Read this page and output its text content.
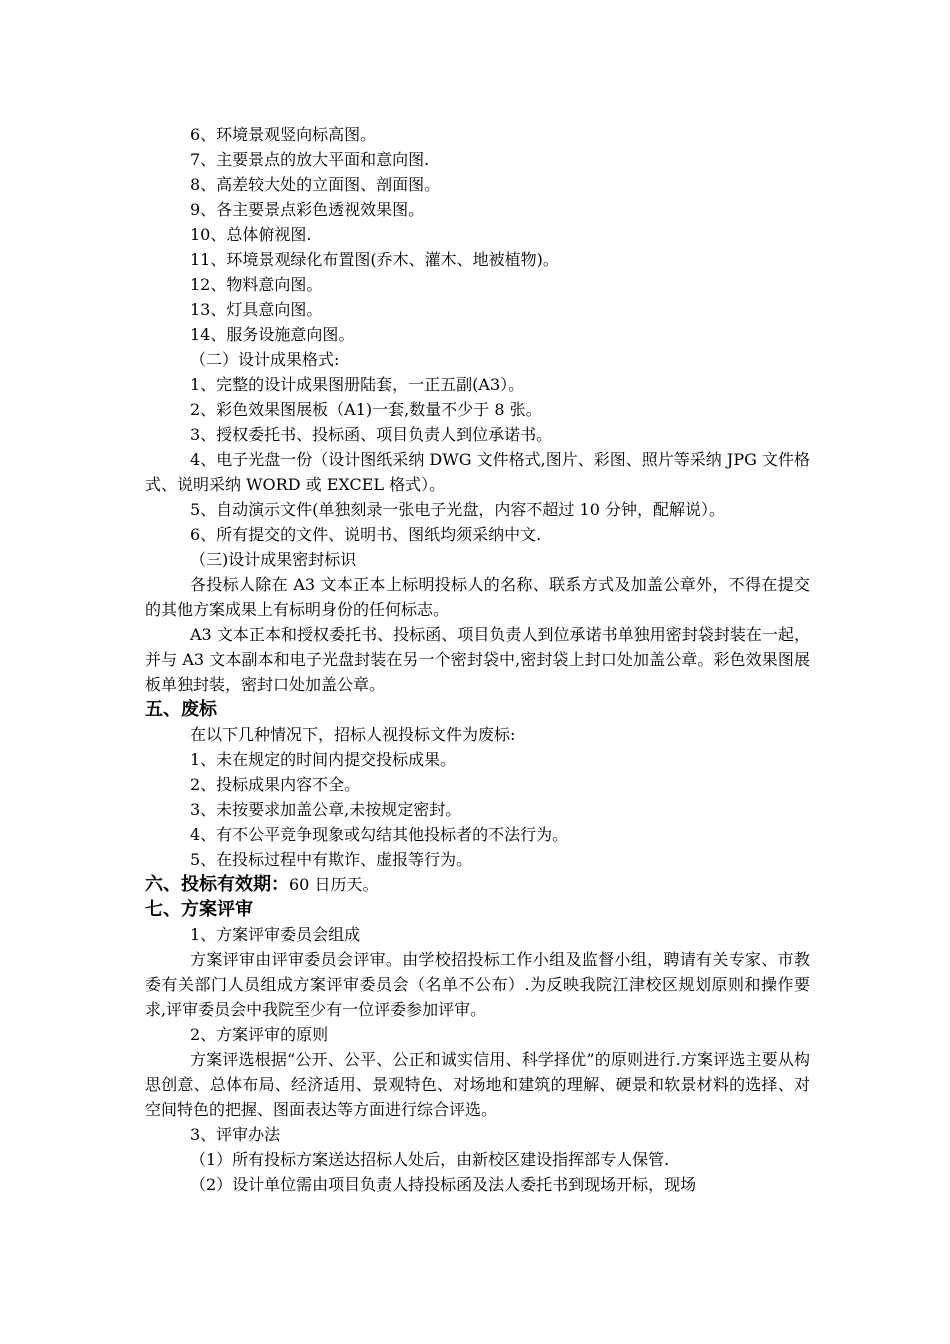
6、环境景观竖向标高图。

7、主要景点的放大平面和意向图.

8、高差较大处的立面图、剖面图。

9、各主要景点彩色透视效果图。

10、总体俯视图.

11、环境景观绿化布置图(乔木、灌木、地被植物)。

12、物料意向图。

13、灯具意向图。

14、服务设施意向图。

（二）设计成果格式:

1、完整的设计成果图册陆套，一正五副(A3）。

2、彩色效果图展板（A1)一套,数量不少于 8 张。

3、授权委托书、投标函、项目负责人到位承诺书。

4、电子光盘一份（设计图纸采纳 DWG 文件格式,图片、彩图、照片等采纳 JPG 文件格式、说明采纳 WORD 或 EXCEL 格式）。

5、自动演示文件(单独刻录一张电子光盘，内容不超过 10 分钟，配解说）。

6、所有提交的文件、说明书、图纸均须采纳中文.

（三)设计成果密封标识

各投标人除在 A3 文本正本上标明投标人的名称、联系方式及加盖公章外，不得在提交的其他方案成果上有标明身份的任何标志。

A3 文本正本和授权委托书、投标函、项目负责人到位承诺书单独用密封袋封装在一起，并与 A3 文本副本和电子光盘封装在另一个密封袋中,密封袋上封口处加盖公章。彩色效果图展板单独封装，密封口处加盖公章。

五、废标

在以下几种情况下，招标人视投标文件为废标:

1、未在规定的时间内提交投标成果。

2、投标成果内容不全。

3、未按要求加盖公章,未按规定密封。

4、有不公平竞争现象或勾结其他投标者的不法行为。

5、在投标过程中有欺诈、虚报等行为。

六、投标有效期：60 日历天。

七、方案评审

1、方案评审委员会组成

方案评审由评审委员会评审。由学校招投标工作小组及监督小组，聘请有关专家、市教委有关部门人员组成方案评审委员会（名单不公布）.为反映我院江津校区规划原则和操作要求,评审委员会中我院至少有一位评委参加评审。

2、方案评审的原则

方案评选根据“公开、公平、公正和诚实信用、科学择优”的原则进行.方案评选主要从构思创意、总体布局、经济适用、景观特色、对场地和建筑的理解、硬景和软景材料的选择、对空间特色的把握、图面表达等方面进行综合评选。

3、评审办法

（1）所有投标方案送达招标人处后，由新校区建设指挥部专人保管.

（2）设计单位需由项目负责人持投标函及法人委托书到现场开标，现场
